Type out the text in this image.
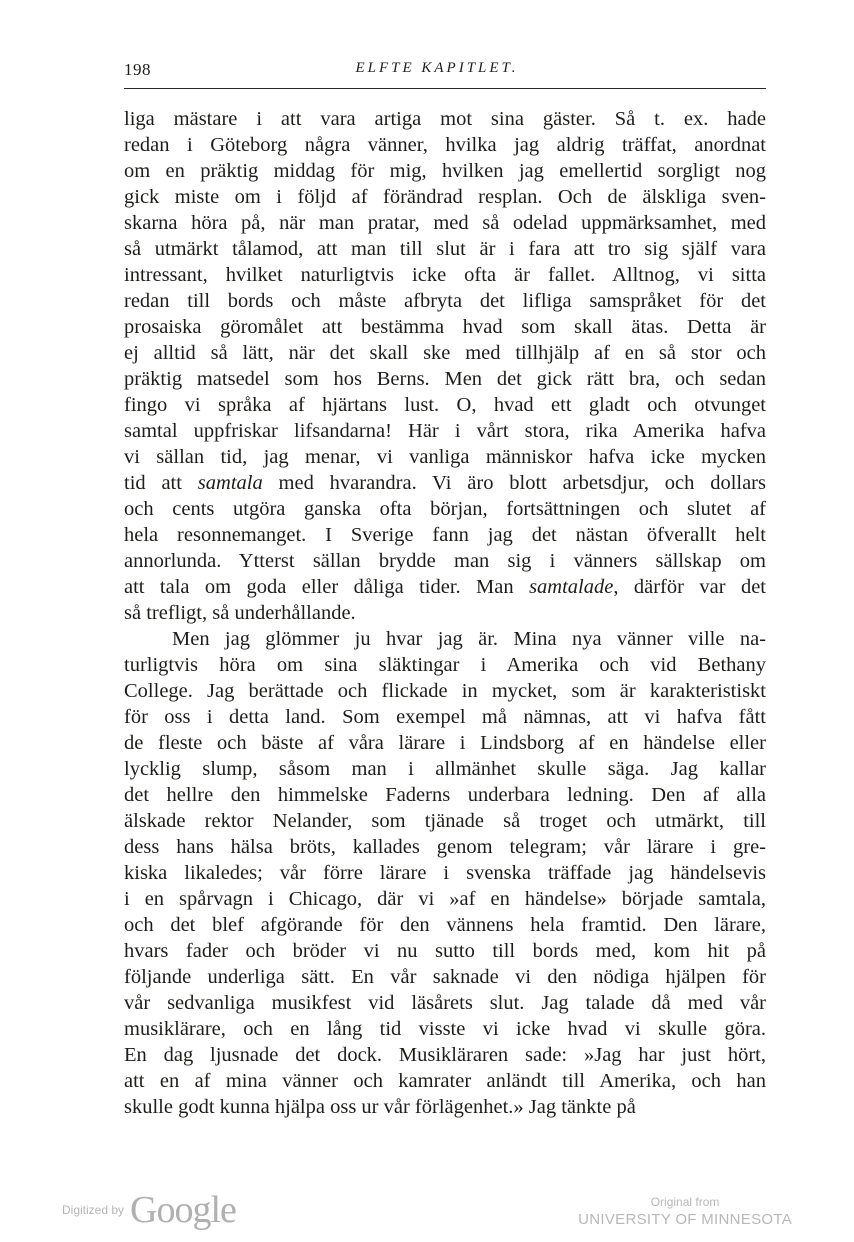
198	ELFTE KAPITLET.
liga mästare i att vara artiga mot sina gäster. Så t. ex. hade
redan i Göteborg några vänner, hvilka jag aldrig träffat, anordnat
om en präktig middag för mig, hvilken jag emellertid sorgligt nog
gick miste om i följd af förändrad resplan. Och de älskliga sven-
skarna höra på, när man pratar, med så odelad uppmärksamhet, med
så utmärkt tålamod, att man till slut är i fara att tro sig själf vara
intressant, hvilket naturligtvis icke ofta är fallet. Alltnog, vi sitta
redan till bords och måste afbryta det lifliga samspråket för det
prosaiska göromålet att bestämma hvad som skall ätas. Detta är
ej alltid så lätt, när det skall ske med tillhjälp af en så stor och
präktig matsedel som hos Berns. Men det gick rätt bra, och sedan
fingo vi språka af hjärtans lust. O, hvad ett gladt och otvunget
samtal uppfriskar lifsandarna! Här i vårt stora, rika Amerika hafva
vi sällan tid, jag menar, vi vanliga människor hafva icke mycken
tid att samtala med hvarandra. Vi äro blott arbetsdjur, och dollars
och cents utgöra ganska ofta början, fortsättningen och slutet af
hela resonnemanget. I Sverige fann jag det nästan öfverallt helt
annorlunda. Ytterst sällan brydde man sig i vänners sällskap om
att tala om goda eller dåliga tider. Man samtalade, därför var det
så trefligt, så underhållande.
Men jag glömmer ju hvar jag är. Mina nya vänner ville na-
turligtvis höra om sina släktingar i Amerika och vid Bethany
College. Jag berättade och flickade in mycket, som är karakteristiskt
för oss i detta land. Som exempel må nämnas, att vi hafva fått
de fleste och bäste af våra lärare i Lindsborg af en händelse eller
lycklig slump, såsom man i allmänhet skulle säga. Jag kallar
det hellre den himmelske Faderns underbara ledning. Den af alla
älskade rektor Nelander, som tjänade så troget och utmärkt, till
dess hans hälsa bröts, kallades genom telegram; vår lärare i gre-
kiska likaledes; vår förre lärare i svenska träffade jag händelsevis
i en spårvagn i Chicago, där vi »af en händelse» började samtala,
och det blef afgörande för den vännens hela framtid. Den lärare,
hvars fader och bröder vi nu sutto till bords med, kom hit på
följande underliga sätt. En vår saknade vi den nödiga hjälpen för
vår sedvanliga musikfest vid läsårets slut. Jag talade då med vår
musiklärare, och en lång tid visste vi icke hvad vi skulle göra.
En dag ljusnade det dock. Musikläraren sade: »Jag har just hört,
att en af mina vänner och kamrater anländt till Amerika, och han
skulle godt kunna hjälpa oss ur vår förlägenhet.» Jag tänkte på
Digitized by Google	Original from
UNIVERSITY OF MINNESOTA
